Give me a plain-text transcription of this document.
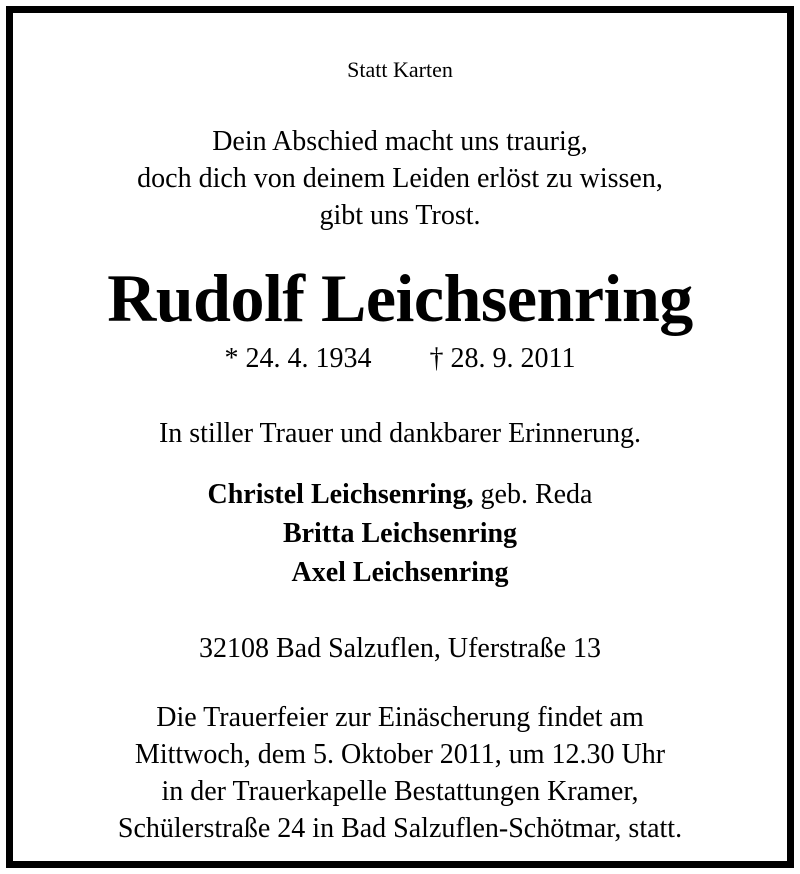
Statt Karten
Dein Abschied macht uns traurig,
doch dich von deinem Leiden erlöst zu wissen,
gibt uns Trost.
Rudolf Leichsenring
* 24. 4. 1934 † 28. 9. 2011
In stiller Trauer und dankbarer Erinnerung.
Christel Leichsenring, geb. Reda
Britta Leichsenring
Axel Leichsenring
32108 Bad Salzuflen, Uferstraße 13
Die Trauerfeier zur Einäscherung findet am
Mittwoch, dem 5. Oktober 2011, um 12.30 Uhr
in der Trauerkapelle Bestattungen Kramer,
Schülerstraße 24 in Bad Salzuflen-Schötmar, statt.
